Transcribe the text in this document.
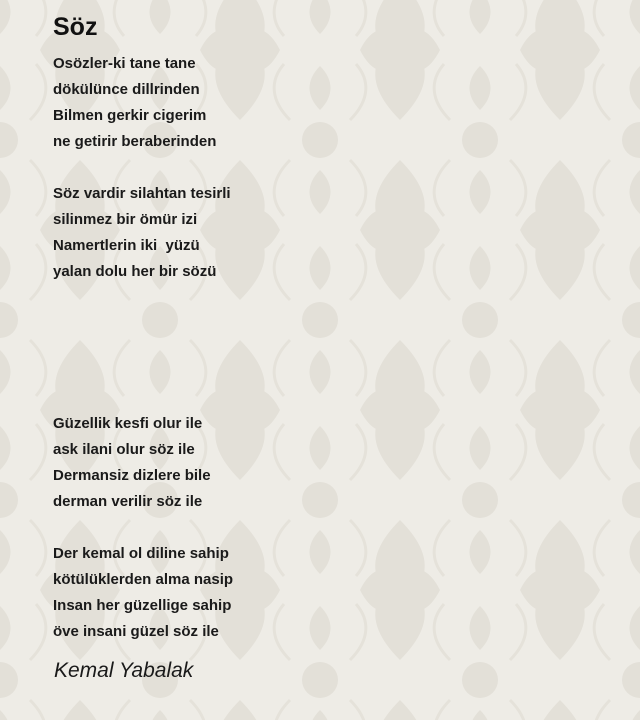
Söz
Osözler-ki tane tane
dökülünce dillrinden
Bilmen gerkir cigerim
ne getirir beraberinden
Söz vardir silahtan tesirli
silinmez bir ömür izi
Namertlerin iki  yüzü
yalan dolu her bir sözü
Güzellik kesfi olur ile
ask ilani olur söz ile
Dermansiz dizlere bile
derman verilir söz ile
Der kemal ol diline sahip
kötülüklerden alma nasip
Insan her güzellige sahip
öve insani güzel söz ile
Kemal Yabalak
